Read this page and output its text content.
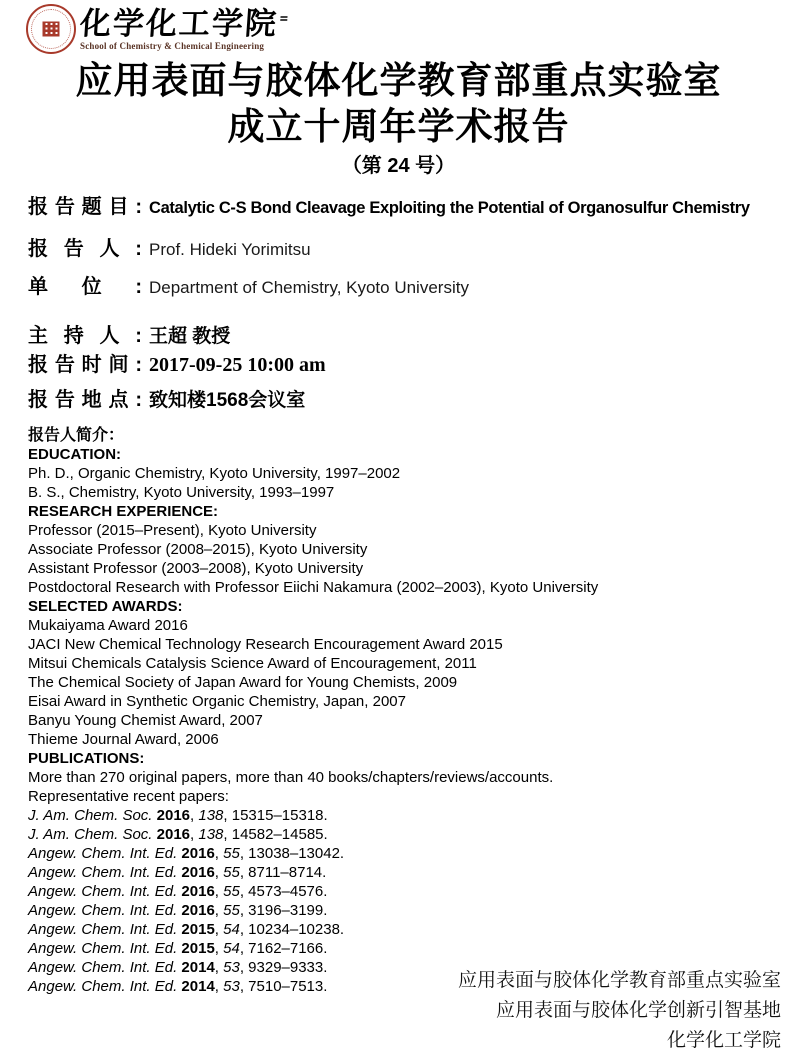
化学化工学院
School of Chemistry & Chemical Engineering
应用表面与胶体化学教育部重点实验室
成立十周年学术报告
（第 24 号）
报 告 题 目 : Catalytic C-S Bond Cleavage Exploiting the Potential of Organosulfur Chemistry
报 告 人 : Prof. Hideki Yorimitsu
单 位 : Department of Chemistry, Kyoto University
主 持 人 : 王超 教授
报 告 时 间 : 2017-09-25 10:00 am
报 告 地 点 : 致知楼1568会议室
报告人简介：
EDUCATION:
Ph. D., Organic Chemistry, Kyoto University, 1997–2002
B. S., Chemistry, Kyoto University, 1993–1997
RESEARCH EXPERIENCE:
Professor (2015–Present), Kyoto University
Associate Professor (2008–2015), Kyoto University
Assistant Professor (2003–2008), Kyoto University
Postdoctoral Research with Professor Eiichi Nakamura (2002–2003), Kyoto University
SELECTED AWARDS:
Mukaiyama Award 2016
JACI New Chemical Technology Research Encouragement Award 2015
Mitsui Chemicals Catalysis Science Award of Encouragement, 2011
The Chemical Society of Japan Award for Young Chemists, 2009
Eisai Award in Synthetic Organic Chemistry, Japan, 2007
Banyu Young Chemist Award, 2007
Thieme Journal Award, 2006
PUBLICATIONS:
More than 270 original papers, more than 40 books/chapters/reviews/accounts.
Representative recent papers:
J. Am. Chem. Soc. 2016, 138, 15315–15318.
J. Am. Chem. Soc. 2016, 138, 14582–14585.
Angew. Chem. Int. Ed. 2016, 55, 13038–13042.
Angew. Chem. Int. Ed. 2016, 55, 8711–8714.
Angew. Chem. Int. Ed. 2016, 55, 4573–4576.
Angew. Chem. Int. Ed. 2016, 55, 3196–3199.
Angew. Chem. Int. Ed. 2015, 54, 10234–10238.
Angew. Chem. Int. Ed. 2015, 54, 7162–7166.
Angew. Chem. Int. Ed. 2014, 53, 9329–9333.
Angew. Chem. Int. Ed. 2014, 53, 7510–7513.	应用表面与胶体化学教育部重点实验室
应用表面与胶体化学创新引智基地
化学化工学院
